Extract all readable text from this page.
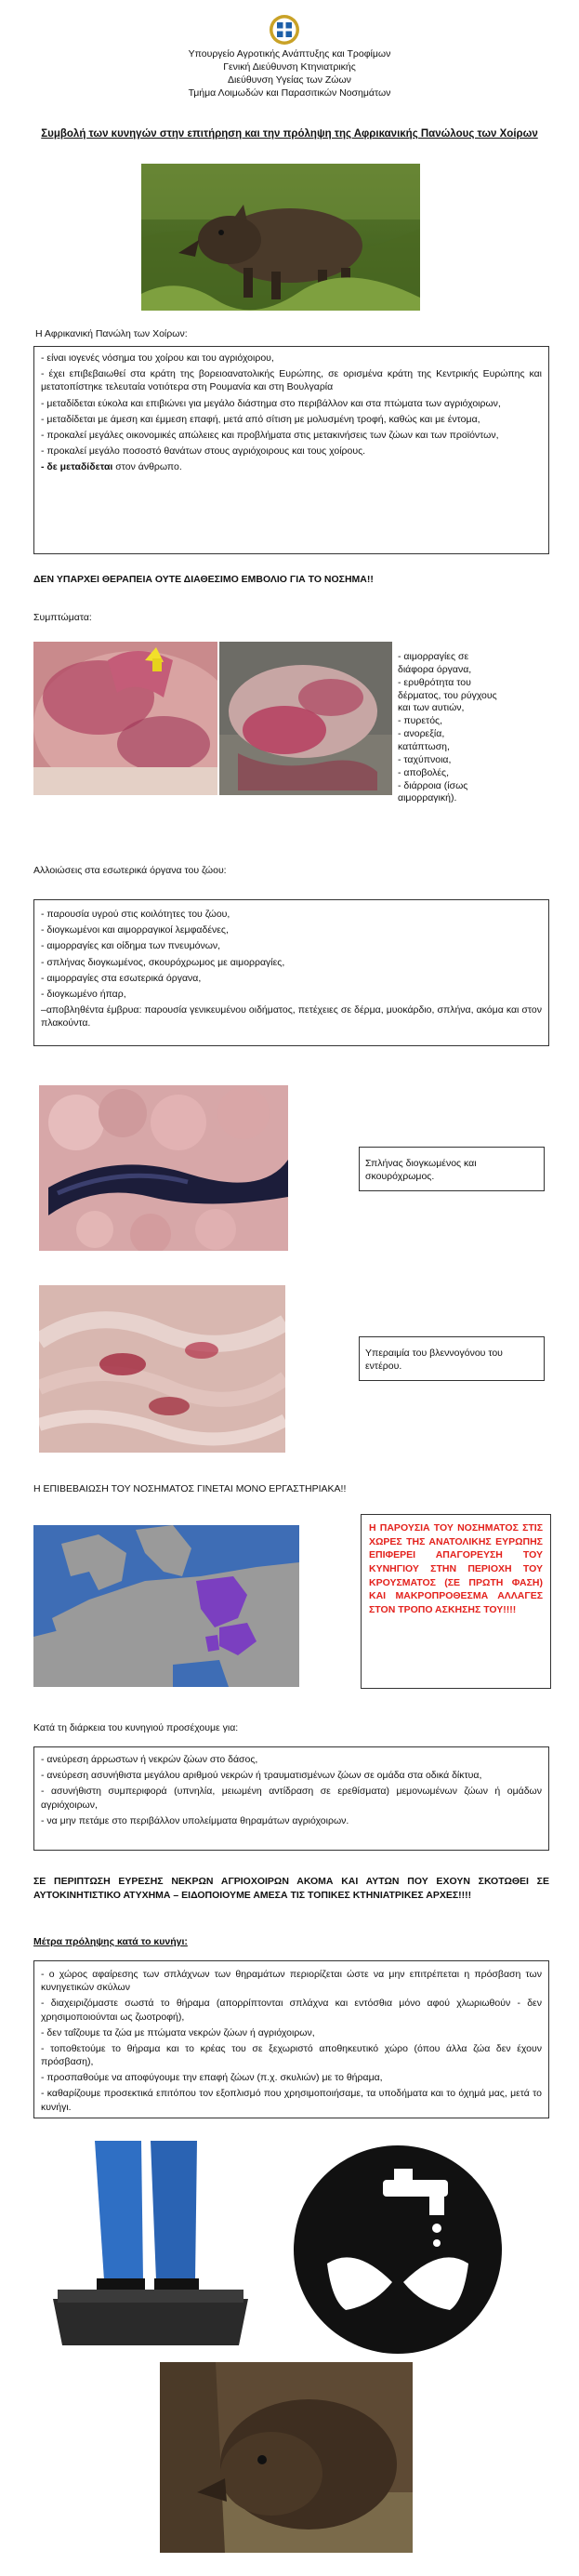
Υπουργείο Αγροτικής Ανάπτυξης και Τροφίμων
Γενική Διεύθυνση Κτηνιατρικής
Διεύθυνση Υγείας των Ζώων
Τμήμα Λοιμωδών και Παρασιτικών Νοσημάτων
Συμβολή των κυνηγών στην επιτήρηση και την πρόληψη της Αφρικανικής Πανώλους των Χοίρων
Η Αφρικανική Πανώλη των Χοίρων:

- είναι ιογενές νόσημα του χοίρου και του αγριόχοιρου,

- έχει επιβεβαιωθεί στα κράτη της βορειοανατολικής Ευρώπης, σε ορισμένα κράτη της Κεντρικής Ευρώπης και μετατοπίστηκε τελευταία νοτιότερα στη Ρουμανία και στη Βουλγαρία

- μεταδίδεται εύκολα και επιβιώνει για μεγάλο διάστημα στο περιβάλλον και στα πτώματα των αγριόχοιρων,

- μεταδίδεται με άμεση και έμμεση επαφή, μετά από σίτιση με μολυσμένη τροφή, καθώς και με έντομα,

- προκαλεί μεγάλες οικονομικές απώλειες και προβλήματα στις μετακινήσεις των ζώων και των προϊόντων,

- προκαλεί μεγάλο ποσοστό θανάτων στους αγριόχοιρους και τους χοίρους.

- δε μεταδίδεται στον άνθρωπο.

ΔΕΝ ΥΠΑΡΧΕΙ ΘΕΡΑΠΕΙΑ ΟΥΤΕ ΔΙΑΘΕΣΙΜΟ ΕΜΒΟΛΙΟ ΓΙΑ ΤΟ ΝΟΣΗΜΑ!!
Συμπτώματα:
- αιμορραγίες σε διάφορα όργανα,
- ερυθρότητα του δέρματος, του ρύγχους και των αυτιών,
- πυρετός,
- ανορεξία, κατάπτωση,
- ταχύπνοια,
- αποβολές,
- διάρροια (ίσως αιμορραγική).
Αλλοιώσεις στα εσωτερικά όργανα του ζώου:

- παρουσία υγρού στις κοιλότητες του ζώου,

- διογκωμένοι και αιμορραγικοί λεμφαδένες,

- αιμορραγίες και οίδημα των πνευμόνων,

- σπλήνας διογκωμένος, σκουρόχρωμος με αιμορραγίες,

- αιμορραγίες στα εσωτερικά όργανα,

- διογκωμένο ήπαρ,

–αποβληθέντα έμβρυα: παρουσία γενικευμένου οιδήματος, πετέχειες σε δέρμα, μυοκάρδιο, σπλήνα, ακόμα και στον πλακούντα.

Σπλήνας διογκωμένος και σκουρόχρωμος.
Υπεραιμία του βλεννογόνου του εντέρου.
Η ΕΠΙΒΕΒΑΙΩΣΗ ΤΟΥ ΝΟΣΗΜΑΤΟΣ ΓΙΝΕΤΑΙ ΜΟΝΟ ΕΡΓΑΣΤΗΡΙΑΚΑ!!
Η ΠΑΡΟΥΣΙΑ ΤΟΥ ΝΟΣΗΜΑΤΟΣ ΣΤΙΣ ΧΩΡΕΣ ΤΗΣ ΑΝΑΤΟΛΙΚΗΣ ΕΥΡΩΠΗΣ ΕΠΙΦΕΡΕΙ ΑΠΑΓΟΡΕΥΣΗ ΤΟΥ ΚΥΝΗΓΙΟΥ ΣΤΗΝ ΠΕΡΙΟΧΗ ΤΟΥ ΚΡΟΥΣΜΑΤΟΣ (ΣΕ ΠΡΩΤΗ ΦΑΣΗ) ΚΑΙ ΜΑΚΡΟΠΡΟΘΕΣΜΑ ΑΛΛΑΓΕΣ ΣΤΟΝ ΤΡΟΠΟ ΑΣΚΗΣΗΣ ΤΟΥ!!!!
Κατά τη διάρκεια του κυνηγιού προσέχουμε για:

- ανεύρεση άρρωστων ή νεκρών ζώων στο δάσος,

- ανεύρεση ασυνήθιστα μεγάλου αριθμού νεκρών ή τραυματισμένων ζώων σε ομάδα στα οδικά δίκτυα,

- ασυνήθιστη συμπεριφορά (υπνηλία, μειωμένη αντίδραση σε ερεθίσματα) μεμονωμένων ζώων ή ομάδων αγριόχοιρων,

- να μην πετάμε στο περιβάλλον υπολείμματα θηραμάτων αγριόχοιρων.

ΣΕ ΠΕΡΙΠΤΩΣΗ ΕΥΡΕΣΗΣ ΝΕΚΡΩΝ ΑΓΡΙΟΧΟΙΡΩΝ ΑΚΟΜΑ ΚΑΙ ΑΥΤΩΝ ΠΟΥ ΕΧΟΥΝ ΣΚΟΤΩΘΕΙ ΣΕ ΑΥΤΟΚΙΝΗΤΙΣΤΙΚΟ ΑΤΥΧΗΜΑ – ΕΙΔΟΠΟΙΟΥΜΕ ΑΜΕΣΑ ΤΙΣ ΤΟΠΙΚΕΣ ΚΤΗΝΙΑΤΡΙΚΕΣ ΑΡΧΕΣ!!!!
Μέτρα πρόληψης κατά το κυνήγι:

- ο χώρος αφαίρεσης των σπλάχνων των θηραμάτων περιορίζεται ώστε να μην επιτρέπεται η πρόσβαση των κυνηγετικών σκύλων

- διαχειριζόμαστε σωστά το θήραμα (απορρίπτονται σπλάχνα και εντόσθια μόνο αφού χλωριωθούν - δεν χρησιμοποιούνται ως ζωοτροφή),

- δεν ταΐζουμε τα ζώα με πτώματα νεκρών ζώων ή αγριόχοιρων,

- τοποθετούμε το θήραμα και το κρέας του σε ξεχωριστό αποθηκευτικό χώρο (όπου άλλα ζώα δεν έχουν πρόσβαση),

- προσπαθούμε να αποφύγουμε την επαφή ζώων (π.χ. σκυλιών) με το θήραμα,

- καθαρίζουμε προσεκτικά επιτόπου τον εξοπλισμό που χρησιμοποιήσαμε, τα υποδήματα και το όχημά μας, μετά το κυνήγι.
